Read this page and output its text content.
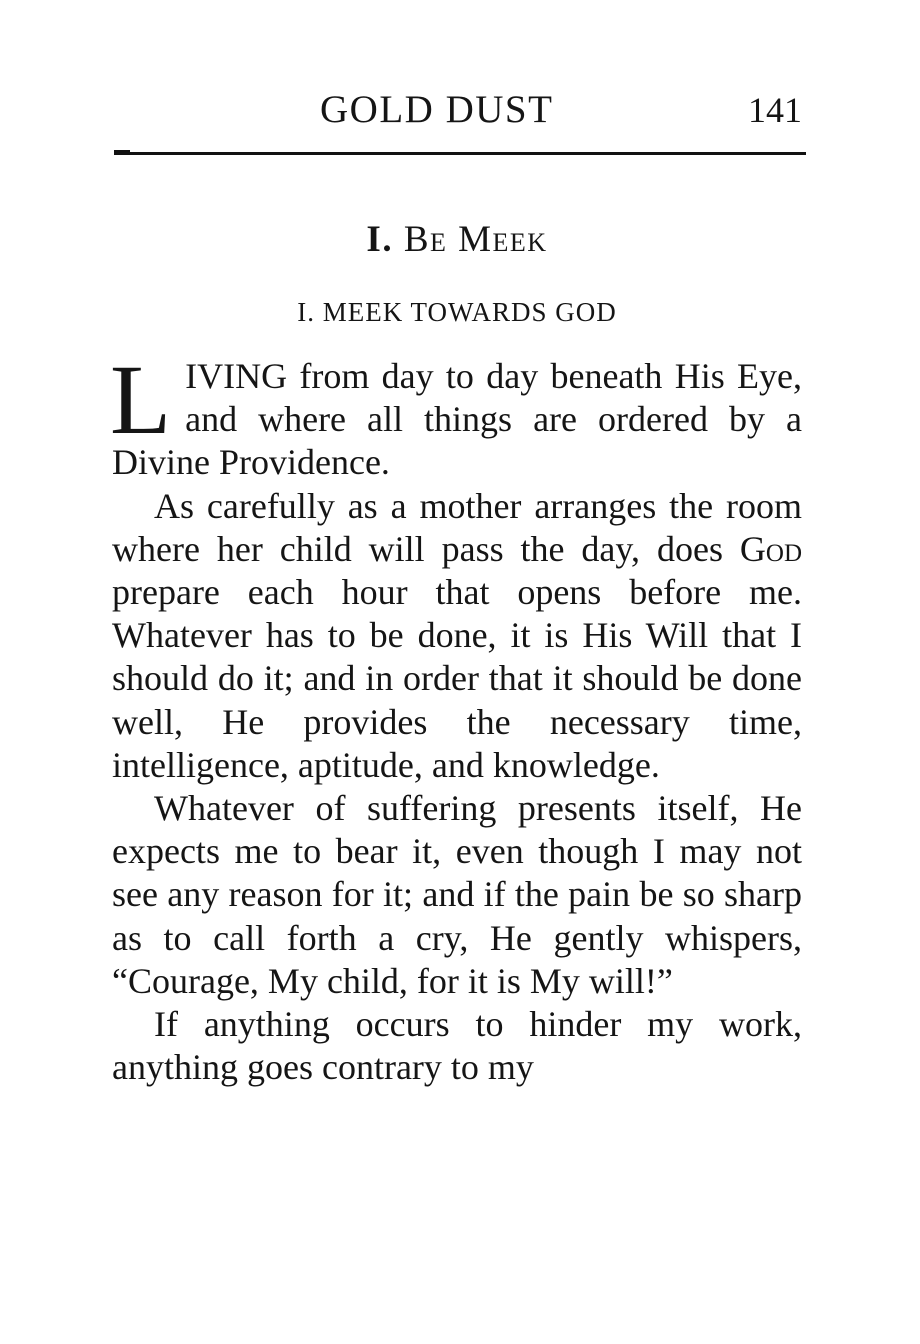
GOLD DUST	141
I. Be Meek
I. MEEK TOWARDS GOD

LIVING from day to day beneath His Eye, and where all things are ordered by a Divine Providence.

As carefully as a mother arranges the room where her child will pass the day, does God prepare each hour that opens before me. Whatever has to be done, it is His Will that I should do it; and in order that it should be done well, He provides the necessary time, intelligence, aptitude, and knowledge.

Whatever of suffering presents itself, He expects me to bear it, even though I may not see any reason for it; and if the pain be so sharp as to call forth a cry, He gently whispers, “Courage, My child, for it is My will!”

If anything occurs to hinder my work, anything goes contrary to my
